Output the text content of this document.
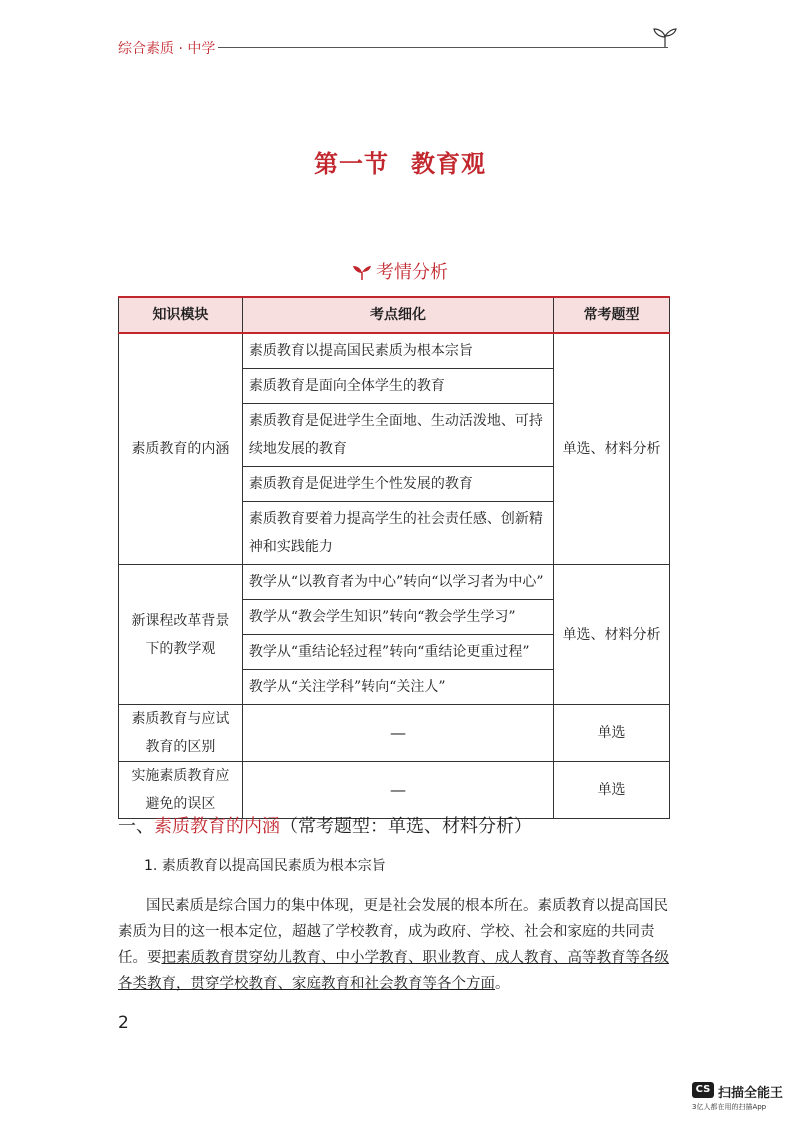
综合素质 · 中学
第一节 教育观
考情分析
知识模块	考点细化	常考题型
素质教育的内涵	素质教育以提高国民素质为根本宗旨	单选、材料分析
	素质教育是面向全体学生的教育	
	素质教育是促进学生全面地、生动活泼地、可持续地发展的教育	
	素质教育是促进学生个性发展的教育	
	素质教育要着力提高学生的社会责任感、创新精神和实践能力	
新课程改革背景下的教学观	教学从“以教育者为中心”转向“以学习者为中心”	单选、材料分析
	教学从“教会学生知识”转向“教会学生学习”	
	教学从“重结论轻过程”转向“重结论更重过程”	
	教学从“关注学科”转向“关注人”	
素质教育与应试教育的区别	—	单选
实施素质教育应避免的误区	—	单选
一、素质教育的内涵（常考题型：单选、材料分析）
1. 素质教育以提高国民素质为根本宗旨

国民素质是综合国力的集中体现，更是社会发展的根本所在。素质教育以提高国民素质为目的这一根本定位，超越了学校教育，成为政府、学校、社会和家庭的共同责任。要把素质教育贯穿幼儿教育、中小学教育、职业教育、成人教育、高等教育等各级各类教育，贯穿学校教育、家庭教育和社会教育等各个方面。

2
CS 扫描全能王
3亿人都在用的扫描App
